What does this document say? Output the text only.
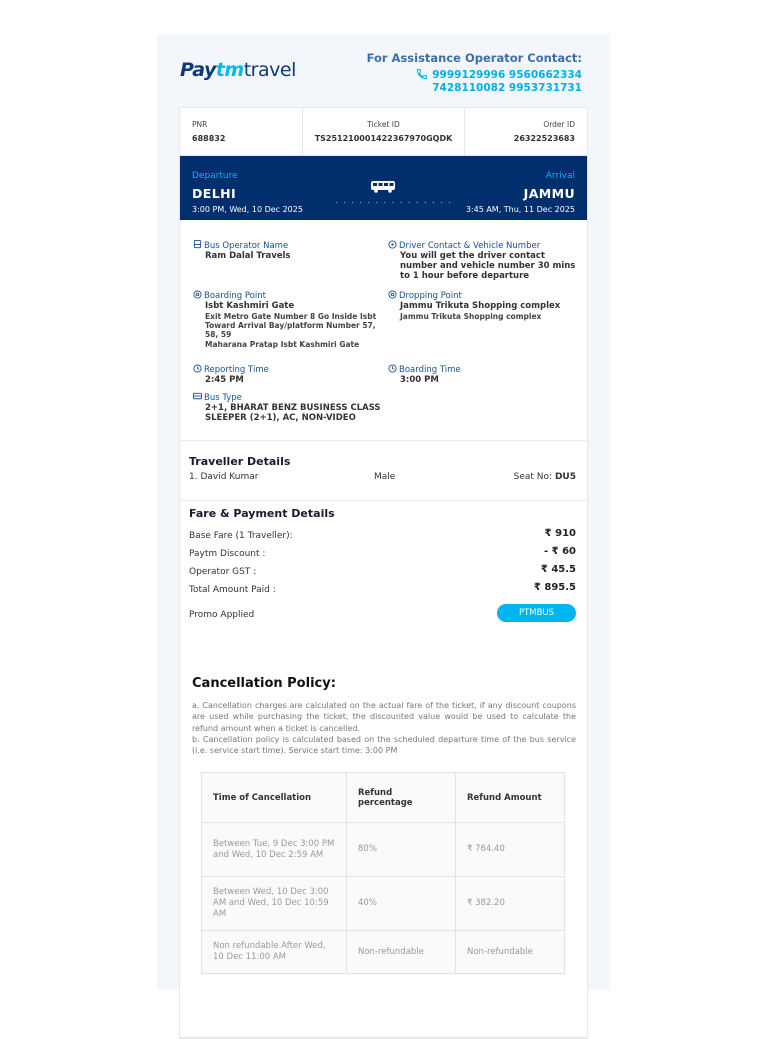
Paytmtravel
For Assistance Operator Contact:
9999129996 9560662334 7428110082 9953731731
PNR
688832
Ticket ID
TS251210001422367970GQDK
Order ID
26322523683
Departure
DELHI
3:00 PM, Wed, 10 Dec 2025
. . . . . . . . . . . . . . .
Arrival
JAMMU
3:45 AM, Thu, 11 Dec 2025
Bus Operator Name
Ram Dalal Travels
Driver Contact & Vehicle Number
You will get the driver contact number and vehicle number 30 mins to 1 hour before departure
Boarding Point
Isbt Kashmiri Gate
Exit Metro Gate Number 8 Go Inside Isbt Toward Arrival Bay/platform Number 57, 58, 59
Maharana Pratap Isbt Kashmiri Gate
Dropping Point
Jammu Trikuta Shopping complex
Jammu Trikuta Shopping complex
Reporting Time
2:45 PM
Boarding Time
3:00 PM
Bus Type
2+1, BHARAT BENZ BUSINESS CLASS SLEEPER (2+1), AC, NON-VIDEO
Traveller Details
1. David Kumar	Male	Seat No: DU5
Fare & Payment Details
Base Fare (1 Traveller):	₹ 910
Paytm Discount :	- ₹ 60
Operator GST :	₹ 45.5
Total Amount Paid :	₹ 895.5
Promo Applied	PTMBUS
Cancellation Policy:
a. Cancellation charges are calculated on the actual fare of the ticket, if any discount coupons are used while purchasing the ticket, the discounted value would be used to calculate the refund amount when a ticket is cancelled.
b. Cancellation policy is calculated based on the scheduled departure time of the bus service (i.e. service start time). Service start time: 3:00 PM
Time of Cancellation	Refund percentage	Refund Amount
Between Tue, 9 Dec 3:00 PM and Wed, 10 Dec 2:59 AM	80%	₹ 764.40
Between Wed, 10 Dec 3:00 AM and Wed, 10 Dec 10:59 AM	40%	₹ 382.20
Non refundable After Wed, 10 Dec 11:00 AM	Non-refundable	Non-refundable
